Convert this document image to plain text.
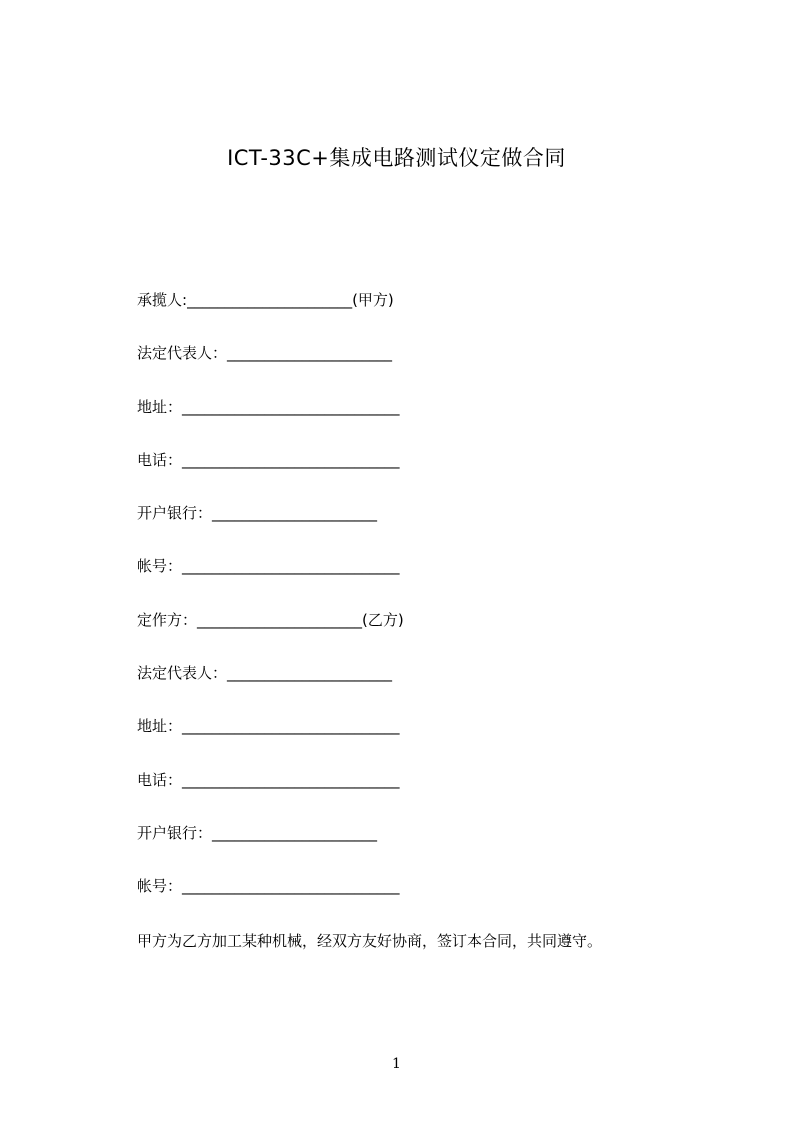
ICT-33C+集成电路测试仪定做合同
承揽人:______________________(甲方)
法定代表人：______________________
地址：_____________________________
电话：_____________________________
开户银行：______________________
帐号：_____________________________
定作方：______________________(乙方)
法定代表人：______________________
地址：_____________________________
电话：_____________________________
开户银行：______________________
帐号：_____________________________
甲方为乙方加工某种机械，经双方友好协商，签订本合同，共同遵守。
1
